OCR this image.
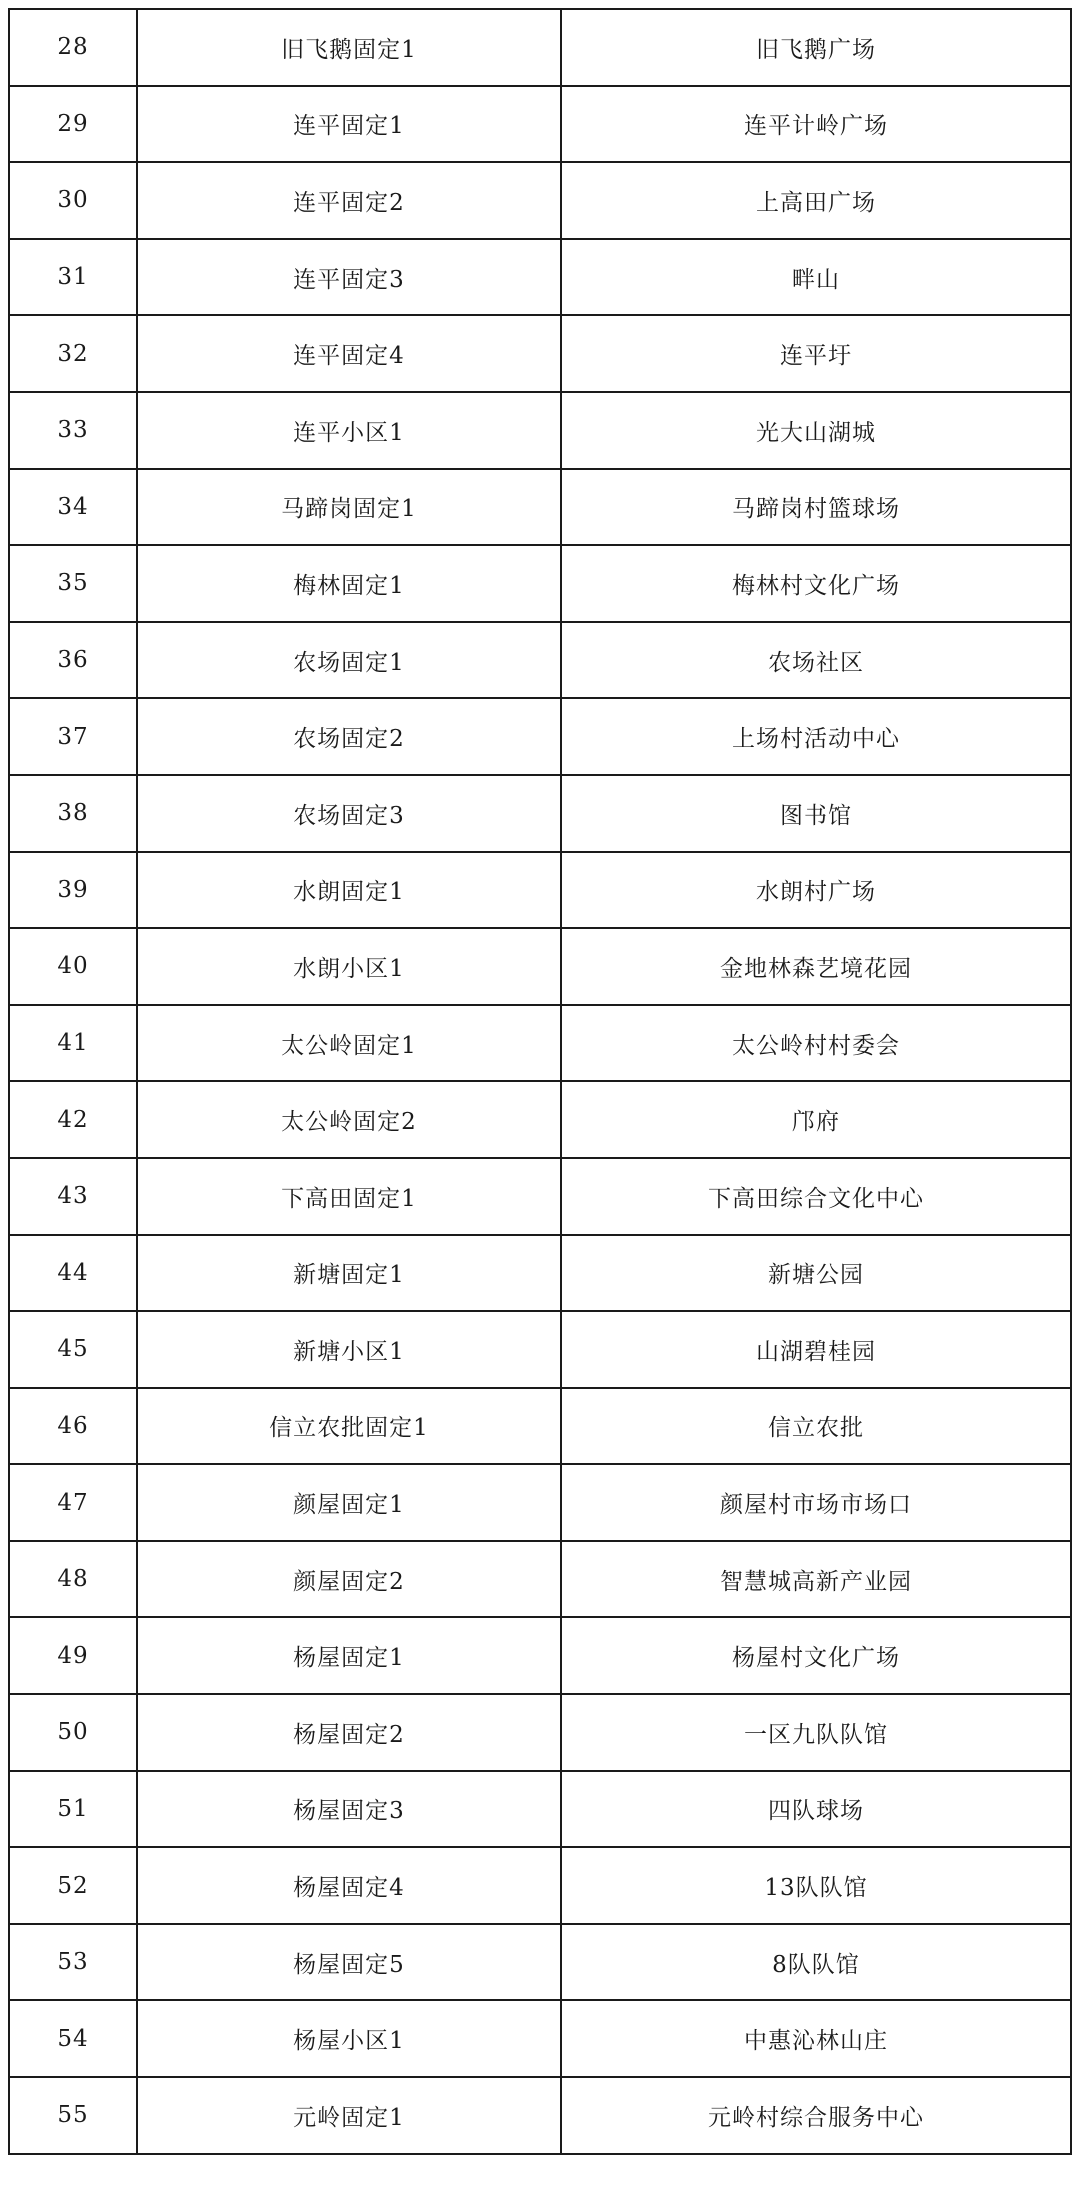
28	旧飞鹅固定1	旧飞鹅广场
29	连平固定1	连平计岭广场
30	连平固定2	上高田广场
31	连平固定3	畔山
32	连平固定4	连平圩
33	连平小区1	光大山湖城
34	马蹄岗固定1	马蹄岗村篮球场
35	梅林固定1	梅林村文化广场
36	农场固定1	农场社区
37	农场固定2	上场村活动中心
38	农场固定3	图书馆
39	水朗固定1	水朗村广场
40	水朗小区1	金地林森艺境花园
41	太公岭固定1	太公岭村村委会
42	太公岭固定2	邝府
43	下高田固定1	下高田综合文化中心
44	新塘固定1	新塘公园
45	新塘小区1	山湖碧桂园
46	信立农批固定1	信立农批
47	颜屋固定1	颜屋村市场市场口
48	颜屋固定2	智慧城高新产业园
49	杨屋固定1	杨屋村文化广场
50	杨屋固定2	一区九队队馆
51	杨屋固定3	四队球场
52	杨屋固定4	13队队馆
53	杨屋固定5	8队队馆
54	杨屋小区1	中惠沁林山庄
55	元岭固定1	元岭村综合服务中心
